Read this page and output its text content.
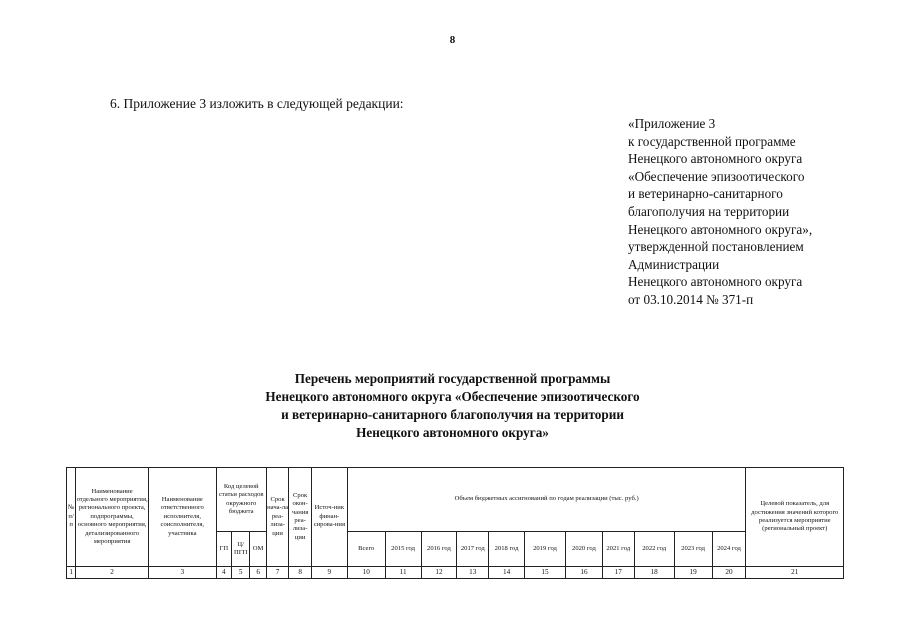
8
6. Приложение 3 изложить в следующей редакции:
«Приложение 3
к государственной программе
Ненецкого автономного округа
«Обеспечение эпизоотического
и ветеринарно-санитарного
благополучия на территории
Ненецкого автономного округа»,
утвержденной постановлением
Администрации
Ненецкого автономного округа
от 03.10.2014 № 371-п
Перечень мероприятий государственной программы
Ненецкого автономного округа «Обеспечение эпизоотического
и ветеринарно-санитарного благополучия на территории
Ненецкого автономного округа»
№ п/п	Наименование отдельного мероприятия, регионального проекта, подпрограммы, основного мероприятия, детализированного мероприятия	Наименование ответственного исполнителя, соисполнителя, участника	Код целевой статьи расходов окружного бюджета			Срок нача-ла реа-лиза-ции	Срок окон-чания реа-лиза-ции	Источ-ник финан-сирова-ния	Объем бюджетных ассигнований по годам реализации (тыс. руб.)											Целевой показатель, для достижения значений которого реализуется мероприятие (региональный проект)
			ГП	Ц/ПГП	ОМ				Всего	2015 год	2016 год	2017 год	2018 год	2019 год	2020 год	2021 год	2022 год	2023 год	2024 год	
1	2	3	4	5	6	7	8	9	10	11	12	13	14	15	16	17	18	19	20	21
